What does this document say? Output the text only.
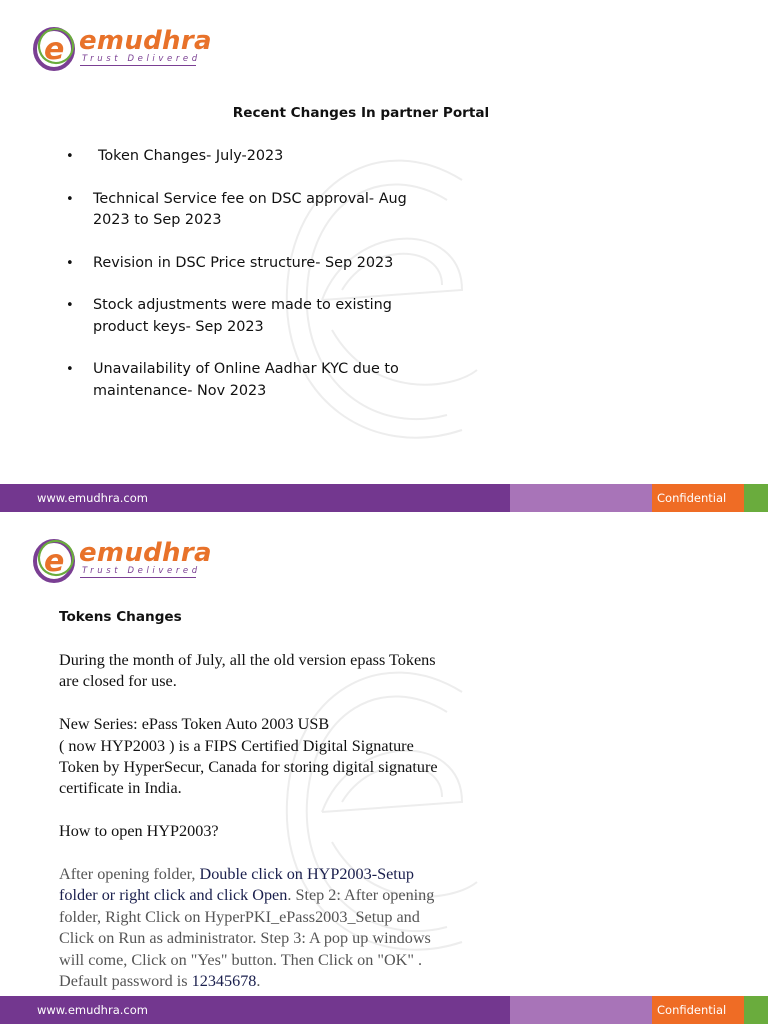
e emudhra
Trust Delivered
Recent Changes In partner Portal
• Token Changes- July-2023
• Technical Service fee on DSC approval- Aug
2023 to Sep 2023
• Revision in DSC Price structure- Sep 2023
• Stock adjustments were made to existing
product keys- Sep 2023
• Unavailability of Online Aadhar KYC due to
maintenance- Nov 2023
www.emudhra.com	Confidential
e emudhra
Trust Delivered
Tokens Changes

During the month of July, all the old version epass Tokens
are closed for use.

New Series: ePass Token Auto 2003 USB
( now HYP2003 ) is a FIPS Certified Digital Signature
Token by HyperSecur, Canada for storing digital signature
certificate in India.

How to open HYP2003?

After opening folder, Double click on HYP2003-Setup
folder or right click and click Open. Step 2: After opening
folder, Right Click on HyperPKI_ePass2003_Setup and
Click on Run as administrator. Step 3: A pop up windows
will come, Click on "Yes" button. Then Click on "OK" .
Default password is 12345678.

www.emudhra.com	Confidential
